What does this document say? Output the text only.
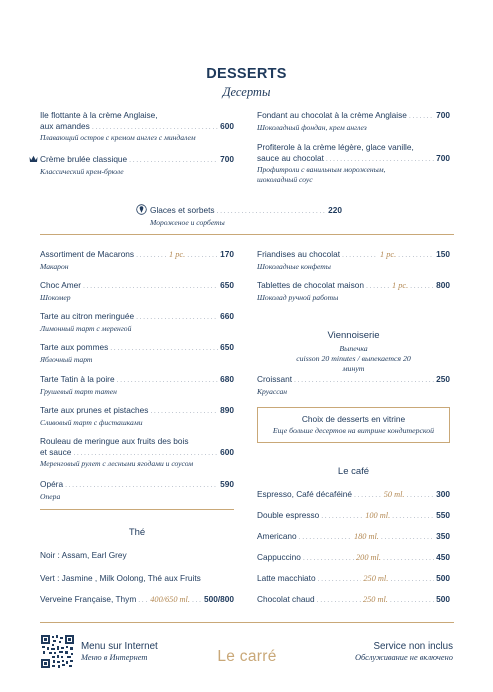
DESSERTS
Десерты
Ile flottante à la crème Anglaise,
aux amandes .....	600
Плавающий остров с кремом англез с миндалем
Crème brulée classique .....	700
Классический крем-брюле
Fondant au chocolat à la crème Anglaise .....	700
Шоколадный фондан, крем англез
Profiterole à la crème légère, glace vanille,
sauce au chocolat .....	700
Профитроли с ванильным мороженым,
шоколадный соус
Glaces et sorbets .....	220
Мороженое и сорбеты
Assortiment de Macarons .....	1 pc. .....	170
Макарон
Choc Amer .....	650
Шокомер
Tarte au citron meringuée .....	660
Лимонный тарт с меренгой
Tarte aux pommes .....	650
Яблочный тарт
Tarte Tatin à la poire .....	680
Грушевый тарт татен
Tarte aux prunes et pistaches .....	890
Сливовый тарт с фисташками
Rouleau de meringue aux fruits des bois
et sauce .....	600
Меренговый рулет с лесными ягодами и соусом
Opéra .....	590
Опера
Friandises au chocolat .....	1 pc. .....	150
Шоколадные конфеты
Tablettes de chocolat maison .....	1 pc. .....	800
Шоколад ручной работы
Viennoiserie
Выпечка
cuisson 20 minutes / выпекается 20
минут
Croissant .....	250
Круассан
Choix de desserts en vitrine
Еще больше десертов на витрине кондитерской
Le café
Espresso, Café décaféiné .....	50 ml. .....	300
Double espresso .....	100 ml. .....	550
Americano .....	180 ml. .....	350
Cappuccino .....	200 ml. .....	450
Latte macchiato .....	250 ml. .....	500
Chocolat chaud .....	250 ml. .....	500
Thé
Noir : Assam, Earl Grey
Vert : Jasmine , Milk Oolong, Thé aux Fruits
Verveine Française, Thym ..... 400/650 ml. ..... 500/800
Menu sur Internet
Меню в Интернет	Le carré
Service non inclus
Обслуживание не включено
